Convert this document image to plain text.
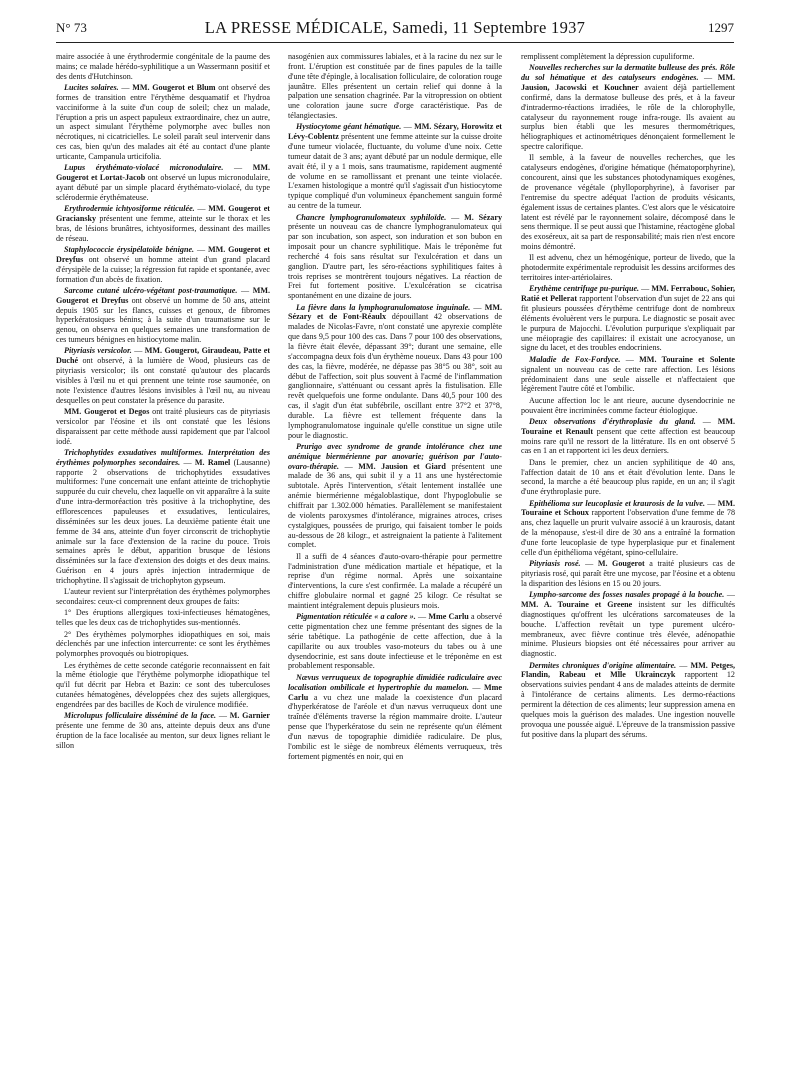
N° 73	LA PRESSE MÉDICALE, Samedi, 11 Septembre 1937	1297

maire associée à une érythrodermie congénitale de la paume des mains; ce malade hérédo-syphilitique a un Wassermann positif et des dents d'Hutchinson.

Lucites solaires. — MM. Gougerot et Blum ont observé des formes de transition entre l'érythème desquamatif et l'hydroa vacciniforme à la suite d'un coup de soleil; chez un malade, l'éruption a pris un aspect papuleux extraordinaire, chez un autre, un aspect simulant l'érythème polymorphe avec bulles non nécrotiques, ni cicatricielles. Le soleil paraît seul intervenir dans ces cas, bien qu'un des malades ait été au contact d'une plante urticante, Campanula urticifolia.

Lupus érythémato-violacé micronodulaire. — MM. Gougerot et Lortat-Jacob ont observé un lupus micronodulaire, ayant débuté par un simple placard érythémato-violacé, du type sclérodermie érythémateuse.

Erythrodermie ichtyosiforme réticulée. — MM. Gougerot et Graciansky présentent une femme, atteinte sur le thorax et les bras, de lésions brunâtres, ichtyosiformes, dessinant des mailles de réseau.

Staphylococcie érysipélatoïde bénigne. — MM. Gougerot et Dreyfus ont observé un homme atteint d'un grand placard d'érysipèle de la cuisse; la régression fut rapide et spontanée, avec formation d'un abcès de fixation.

Sarcome cutané ulcéro-végétant post-traumatique. — MM. Gougerot et Dreyfus ont observé un homme de 50 ans, atteint depuis 1905 sur les flancs, cuisses et genoux, de fibromes hyperkératosiques bénins; à la suite d'un traumatisme sur le genou, on observa en quelques semaines une transformation de ces tumeurs bénignes en histiocytome malin.

Pityriasis versicolor. — MM. Gougerot, Giraudeau, Patte et Duché ont observé, à la lumière de Wood, plusieurs cas de pityriasis versicolor; ils ont constaté qu'autour des placards visibles à l'œil nu et qui prennent une teinte rose saumonée, on note l'existence d'autres lésions invisibles à l'œil nu, au niveau desquelles on peut constater la présence du parasite.

MM. Gougerot et Degos ont traité plusieurs cas de pityriasis versicolor par l'éosine et ils ont constaté que les lésions disparaissent par cette méthode aussi rapidement que par l'alcool iodé.

Trichophytides exsudatives multiformes. Interprétation des érythèmes polymorphes secondaires. — M. Ramel (Lausanne) rapporte 2 observations de trichophytides exsudatives multiformes: l'une concernait une enfant atteinte de trichophytie suppurée du cuir chevelu, chez laquelle on vit apparaître à la suite d'une intra-dermoréaction très positive à la trichophytine, des efflorescences papuleuses et exsudatives, lenticulaires, disséminées sur les deux joues. La deuxième patiente était une femme de 34 ans, atteinte d'un foyer circonscrit de trichophytie animale sur la face d'extension de la racine du pouce. Trois semaines après le début, apparition brusque de lésions disséminées sur la face d'extension des doigts et des deux mains. Guérison en 4 jours après injection intradermique de trichophytine. Il s'agissait de trichophyton gypseum.

L'auteur revient sur l'interprétation des érythèmes polymorphes secondaires: ceux-ci comprennent deux groupes de faits:

1° Des éruptions allergiques toxi-infectieuses hématogènes, telles que les deux cas de trichophytides sus-mentionnés.

2° Des érythèmes polymorphes idiopathiques en soi, mais déclenchés par une infection intercurrente: ce sont les érythèmes polymorphes provoqués ou biotropiques.

Les érythèmes de cette seconde catégorie reconnaissent en fait la même étiologie que l'érythème polymorphe idiopathique tel qu'il fut décrit par Hebra et Bazin: ce sont des tuberculoses cutanées hématogènes, développées chez des sujets allergiques, engendrées par des bacilles de Koch de virulence modifiée.

Microlupus folliculaire disséminé de la face. — M. Garnier présente une femme de 30 ans, atteinte depuis deux ans d'une éruption de la face localisée au menton, sur deux lignes reliant le sillon

nasogénien aux commissures labiales, et à la racine du nez sur le front. L'éruption est constituée par de fines papules de la taille d'une tête d'épingle, à localisation folliculaire, de coloration rouge jaunâtre. Elles présentent un certain relief qui donne à la palpation une sensation chagrinée. Par la vitropression on obtient une coloration jaune sucre d'orge caractéristique. Pas de télangiectasies.

Hystiocytome géant hématique. — MM. Sézary, Horowitz et Lévy-Coblentz présentent une femme atteinte sur la cuisse droite d'une tumeur violacée, fluctuante, du volume d'une noix. Cette tumeur datait de 3 ans; ayant débuté par un nodule dermique, elle avait été, il y a 1 mois, sans traumatisme, rapidement augmenté de volume en se ramollissant et prenant une teinte violacée. L'examen histologique a montré qu'il s'agissait d'un histiocytome typique compliqué d'un volumineux épanchement sanguin formé au centre de la tumeur.

Chancre lymphogranulomateux syphiloïde. — M. Sézary présente un nouveau cas de chancre lymphogranulomateux qui par son incubation, son aspect, son induration et son bubon en imposait pour un chancre syphilitique. Mais le tréponème fut recherché 4 fois sans résultat sur l'exulcération et dans un ganglion. D'autre part, les séro-réactions syphilitiques faites à trois reprises se montrèrent toujours négatives. La réaction de Frei fut fortement positive. L'exulcération se cicatrisa spontanément en une dizaine de jours.

La fièvre dans la lymphogranulomatose inguinale. — MM. Sézary et de Font-Réaulx dépouillant 42 observations de malades de Nicolas-Favre, n'ont constaté une apyrexie complète que dans 9,5 pour 100 des cas. Dans 7 pour 100 des observations, la fièvre était élevée, dépassant 39°; durant une semaine, elle s'accompagna deux fois d'un érythème noueux. Dans 43 pour 100 des cas, la fièvre, modérée, ne dépasse pas 38°5 ou 38°, soit au début de l'affection, soit plus souvent à l'acmé de l'inflammation ganglionnaire, s'atténuant ou cessant après la fistulisation. Elle revêt quelquefois une forme ondulante. Dans 40,5 pour 100 des cas, il s'agit d'un état subfébrile, oscillant entre 37°2 et 37°8, durable. La fièvre est tellement fréquente dans la lymphogranulomatose inguinale qu'elle constitue un signe utile pour le diagnostic.

Prurigo avec syndrome de grande intolérance chez une anémique biermérienne par anovarie; guérison par l'auto-ovaro-thérapie. — MM. Jausion et Giard présentent une malade de 36 ans, qui subit il y a 11 ans une hystérectomie subtotale. Après l'intervention, s'était lentement installée une anémie biermérienne mégaloblastique, dont l'hypoglobulie se chiffrait par 1.302.000 hématies. Parallèlement se manifestaient de violents paroxysmes d'intolérance, migraines atroces, crises cystalgiques, poussées de prurigo, qui faisaient tomber le poids au-dessous de 28 kilogr., et astreignaient la patiente à l'alitement complet.

Il a suffi de 4 séances d'auto-ovaro-thérapie pour permettre l'administration d'une médication martiale et hépatique, et la reprise d'un régime normal. Après une soixantaine d'interventions, la cure s'est confirmée. La malade a récupéré un chiffre globulaire normal et gagné 25 kilogr. Ce résultat se maintient intégralement depuis plusieurs mois.

Pigmentation réticulée « a calore ». — Mme Carlu a observé cette pigmentation chez une femme présentant des signes de la série tabétique. La pathogénie de cette affection, due à la capillarite ou aux troubles vaso-moteurs du tabes ou à une dysendocrinie, est sans doute infectieuse et le tréponème en est probablement responsable.

Nævus verruqueux de topographie dimidiée radiculaire avec localisation ombilicale et hypertrophie du mamelon. — Mme Carlu a vu chez une malade la coexistence d'un placard d'hyperkératose de l'aréole et d'un nævus verruqueux dont une traînée d'éléments traverse la région mammaire droite. L'auteur pense que l'hyperkératose du sein ne représente qu'un élément d'un nævus de topographie dimidiée radiculaire. De plus, l'ombilic est le siège de nombreux éléments verruqueux, très fortement pigmentés en noir, qui en

remplissent complètement la dépression cupuliforme.

Nouvelles recherches sur la dermatite bulleuse des prés. Rôle du sol hématique et des catalyseurs endogènes. — MM. Jausion, Jacowski et Kouchner avaient déjà partiellement confirmé, dans la dermatose bulleuse des prés, et à la faveur d'intradermo-réactions irradiées, le rôle de la chlorophylle, catalyseur du rayonnement rouge infra-rouge. Ils avaient au surplus bien établi que les mesures thermométriques, héliographiques et actinométriques dénonçaient formellement le spectre calorifique.

Il semble, à la faveur de nouvelles recherches, que les catalyseurs endogènes, d'origine hématique (hématoporphyrine), concourent, ainsi que les substances photodynamiques exogènes, de provenance végétale (phylloporphyrine), à favoriser par l'entremise du spectre adéquat l'action de produits vésicants, également issus de certaines plantes. C'est alors que le vésicatoire latent est révélé par le rayonnement solaire, décomposé dans le sens thermique. Il se peut aussi que l'histamine, réactogène global des exoséreux, ait sa part de responsabilité; mais rien n'est encore moins démontré.

Il est advenu, chez un hémogénique, porteur de livedo, que la photodermite expérimentale reproduisit les dessins arciformes des territoires inter-artériolaires.

Erythème centrifuge pu-purique. — MM. Ferrabouc, Sohier, Ratié et Pellerat rapportent l'observation d'un sujet de 22 ans qui fit plusieurs poussées d'érythème centrifuge dont de nombreux éléments évoluèrent vers le purpura. Le diagnostic se posait avec le purpura de Majocchi. L'évolution purpurique s'expliquait par une méiopragie des capillaires: il existait une acrocyanose, un signe du lacet, et des troubles endocriniens.

Maladie de Fox-Fordyce. — MM. Touraine et Solente signalent un nouveau cas de cette rare affection. Les lésions prédominaient dans une seule aisselle et n'affectaient que légèrement l'autre côté et l'ombilic.

Aucune affection loc le ant rieure, aucune dysendocrinie ne pouvaient être incriminées comme facteur étiologique.

Deux observations d'érythroplasie du gland. — MM. Touraine et Renault pensent que cette affection est beaucoup moins rare qu'il ne ressort de la littérature. Ils en ont observé 5 cas en 1 an et rapportent ici les deux derniers.

Dans le premier, chez un ancien syphilitique de 40 ans, l'affection datait de 10 ans et était d'évolution lente. Dans le second, la marche a été beaucoup plus rapide, en un an; il s'agit d'une érythroplasie pure.

Epithélioma sur leucoplasie et kraurosis de la vulve. — MM. Touraine et Schoux rapportent l'observation d'une femme de 78 ans, chez laquelle un prurit vulvaire associé à un kraurosis, datant de la ménopause, s'est-il dire de 30 ans a entraîné la formation d'une forte leucoplasie de type hyperplasique pur et finalement celle d'un épithélioma végétant, spino-cellulaire.

Pityriasis rosé. — M. Gougerot a traité plusieurs cas de pityriasis rosé, qui paraît être une mycose, par l'éosine et a obtenu la disparition des lésions en 15 ou 20 jours.

Lympho-sarcome des fosses nasales propagé à la bouche. — MM. A. Touraine et Greene insistent sur les difficultés diagnostiques qu'offrent les ulcérations sarcomateuses de la bouche. L'affection revêtait un type purement ulcéro-membraneux, avec fièvre continue très élevée, adénopathie minime. Plusieurs biopsies ont été nécessaires pour arriver au diagnostic.

Dermites chroniques d'origine alimentaire. — MM. Petges, Flandin, Rabeau et Mlle Ukrainczyk rapportent 12 observations suivies pendant 4 ans de malades atteints de dermite à l'intolérance de certains aliments. Les dermo-réactions permirent la détection de ces aliments; leur suppression amena en quelques mois la guérison des malades. Une ingestion nouvelle provoqua une poussée aiguë. L'épreuve de la transmission passive fut positive dans la plupart des sérums.
